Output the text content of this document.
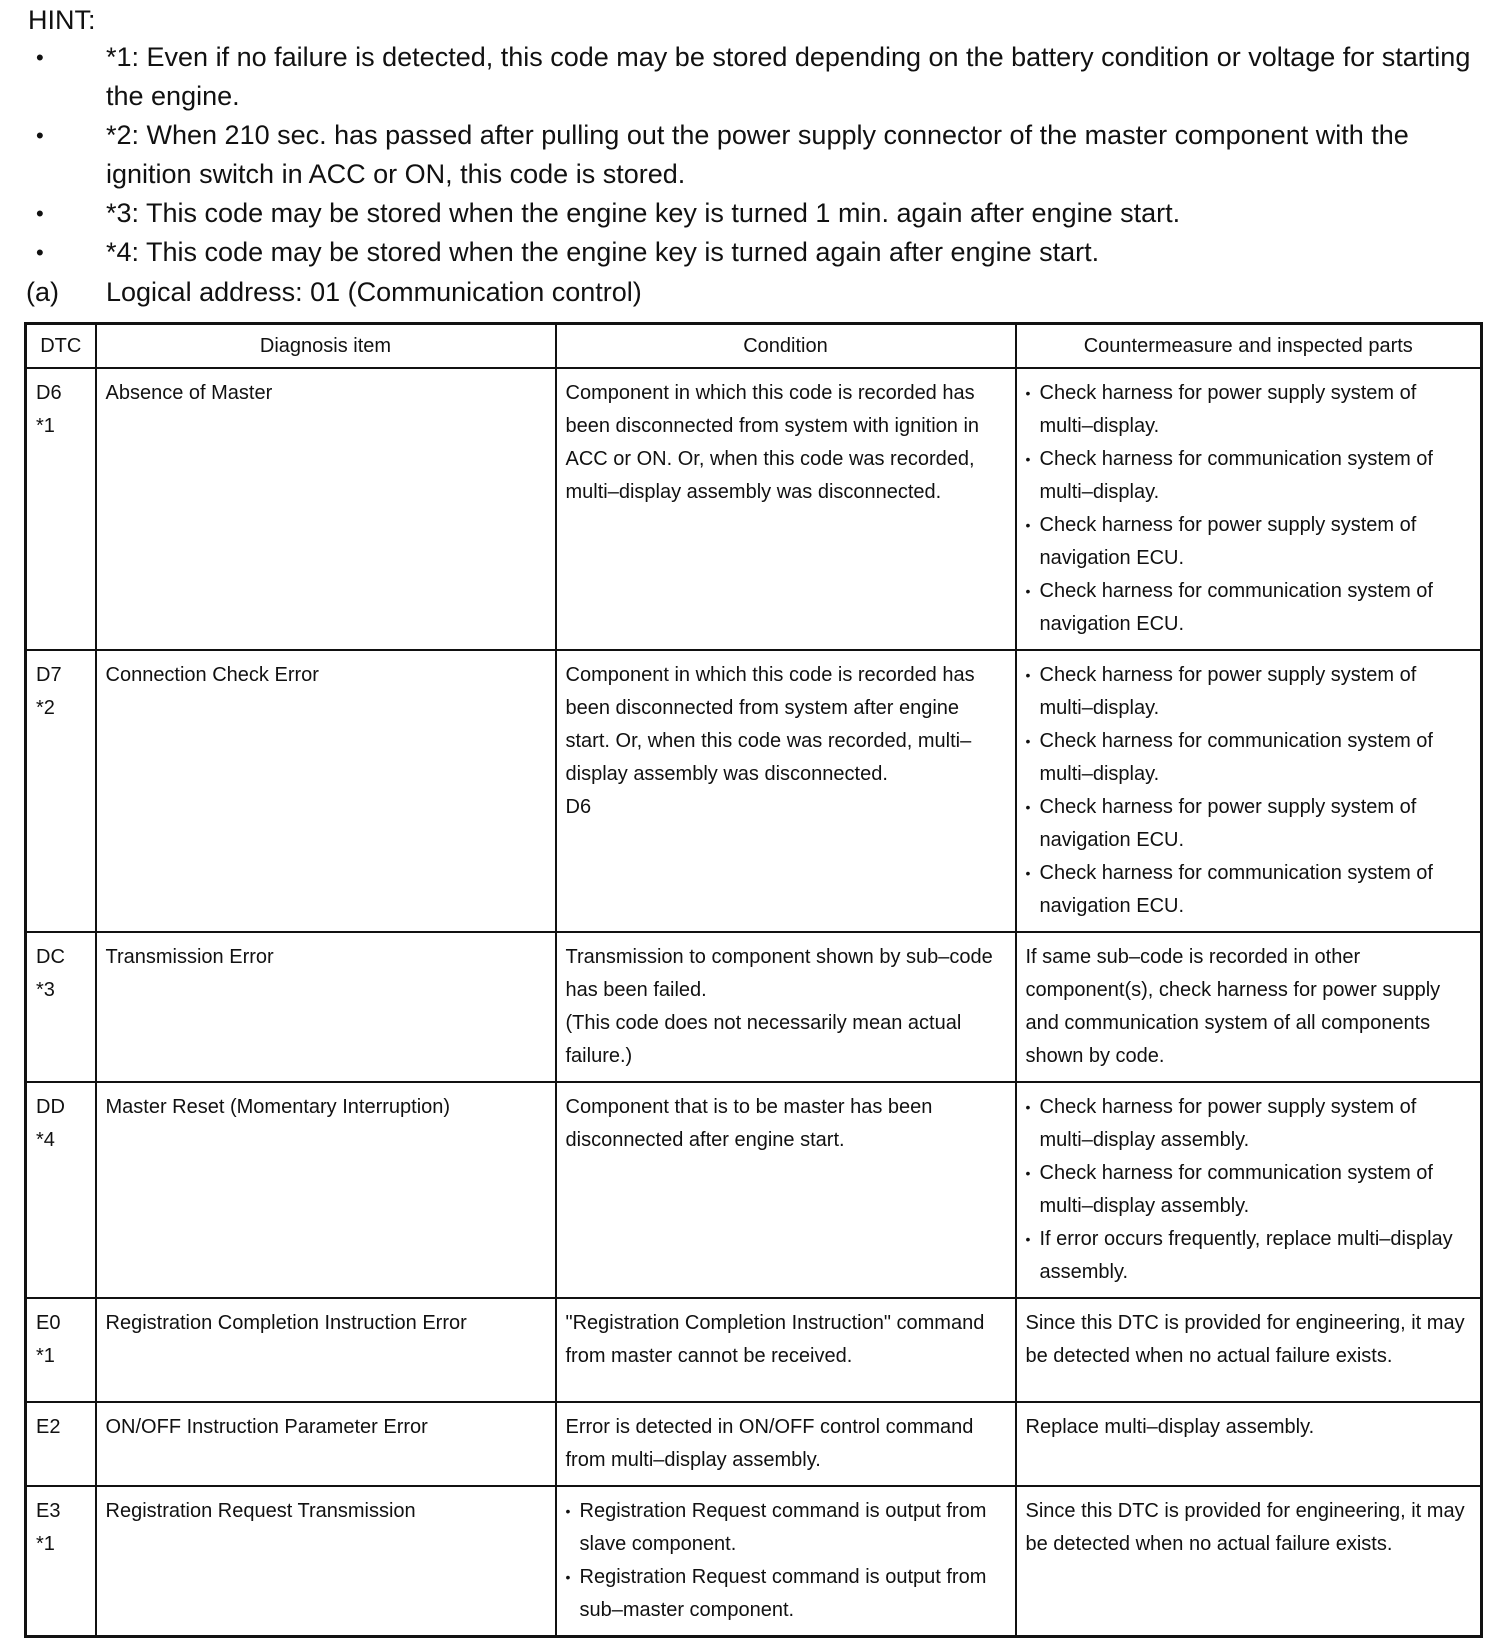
HINT:
• *1: Even if no failure is detected, this code may be stored depending on the battery condition or voltage for starting the engine.
• *2: When 210 sec. has passed after pulling out the power supply connector of the master component with the ignition switch in ACC or ON, this code is stored.
• *3: This code may be stored when the engine key is turned 1 min. again after engine start.
• *4: This code may be stored when the engine key is turned again after engine start.
(a) Logical address: 01 (Communication control)
DTC	Diagnosis item	Condition	Countermeasure and inspected parts

D6
*1	Absence of Master	Component in which this code is recorded has been disconnected from system with ignition in ACC or ON. Or, when this code was recorded, multi–display assembly was disconnected.	• Check harness for power supply system of multi–display.
• Check harness for communication system of multi–display.
• Check harness for power supply system of navigation ECU.
• Check harness for communication system of navigation ECU.

D7
*2	Connection Check Error	Component in which this code is recorded has been disconnected from system after engine start. Or, when this code was recorded, multi–display assembly was disconnected.
D6	• Check harness for power supply system of multi–display.
• Check harness for communication system of multi–display.
• Check harness for power supply system of navigation ECU.
• Check harness for communication system of navigation ECU.

DC
*3	Transmission Error	Transmission to component shown by sub–code has been failed.
(This code does not necessarily mean actual failure.)	If same sub–code is recorded in other component(s), check harness for power supply and communication system of all components shown by code.

DD
*4	Master Reset (Momentary Interruption)	Component that is to be master has been disconnected after engine start.	• Check harness for power supply system of multi–display assembly.
• Check harness for communication system of multi–display assembly.
• If error occurs frequently, replace multi–display assembly.

E0
*1	Registration Completion Instruction Error	"Registration Completion Instruction" command from master cannot be received.	Since this DTC is provided for engineering, it may be detected when no actual failure exists.

E2	ON/OFF Instruction Parameter Error	Error is detected in ON/OFF control command from multi–display assembly.	Replace multi–display assembly.

E3
*1	Registration Request Transmission	• Registration Request command is output from slave component.
• Registration Request command is output from sub–master component.	Since this DTC is provided for engineering, it may be detected when no actual failure exists.
